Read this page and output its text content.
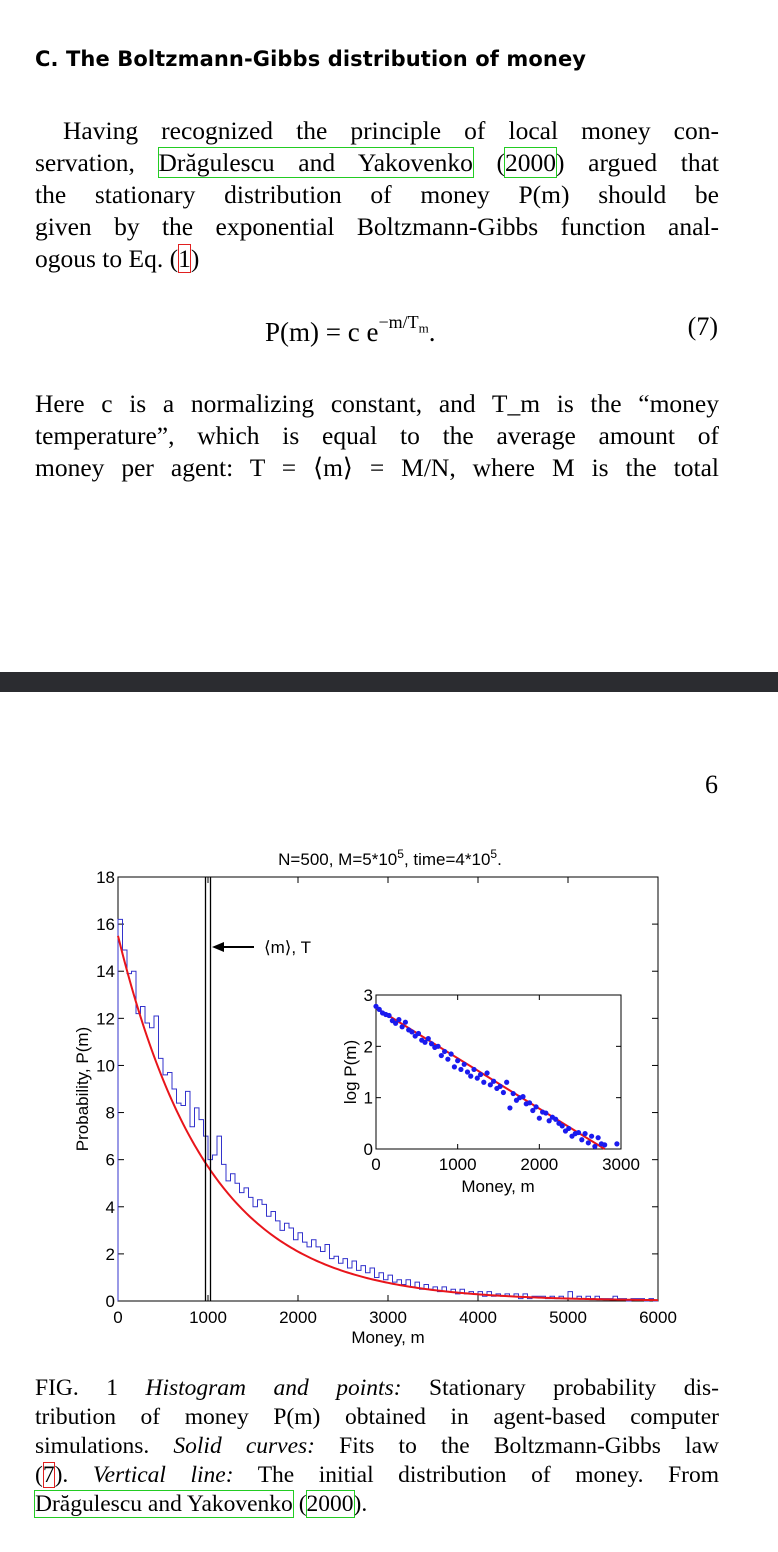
C. The Boltzmann-Gibbs distribution of money
Having recognized the principle of local money con-
servation, Drăgulescu and Yakovenko (2000) argued that
the stationary distribution of money P(m) should be
given by the exponential Boltzmann-Gibbs function anal-
ogous to Eq. (1)
P(m) = c $e^{-m/T_m}$.	(7)
Here c is a normalizing constant, and T_m is the “money
temperature”, which is equal to the average amount of
money per agent: T = ⟨m⟩ = M/N, where M is the total
6
N=500, $M=5*10^5$, $time=4*10^5$.
0	1000	2000	3000	4000	5000	6000
0
2
4
6
8
10
12
14
16
18
⟨m⟩, T
Money, m
Probability, P(m)
0	1000	2000	3000
0
1
2
3
Money, m
log P(m)
FIG. 1 Histogram and points: Stationary probability dis-
tribution of money P(m) obtained in agent-based computer
simulations. Solid curves: Fits to the Boltzmann-Gibbs law
(7). Vertical line: The initial distribution of money. From
Drăgulescu and Yakovenko (2000).
